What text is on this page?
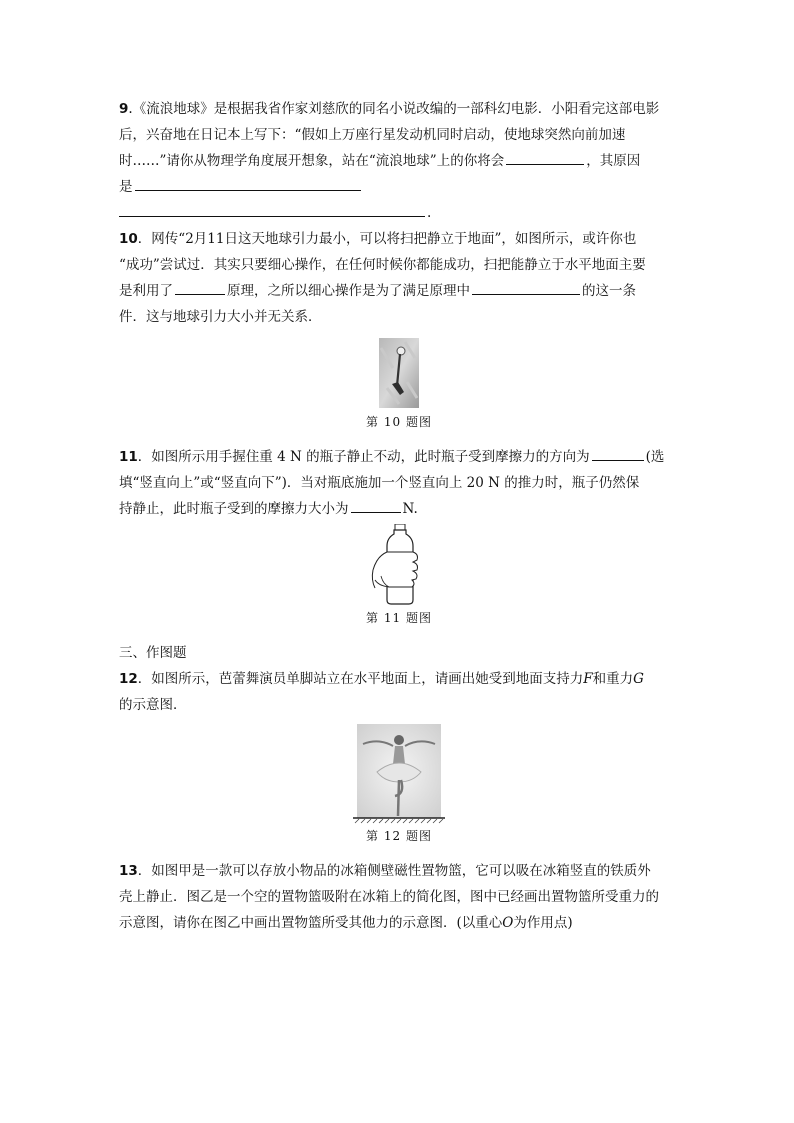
9.《流浪地球》是根据我省作家刘慈欣的同名小说改编的一部科幻电影．小阳看完这部电影

后，兴奋地在日记本上写下：“假如上万座行星发动机同时启动，使地球突然向前加速

时……”请你从物理学角度展开想象，站在“流浪地球”上的你将会	，其原因

是

.

10．网传“2月11日这天地球引力最小，可以将扫把静立于地面”，如图所示，或许你也

“成功”尝试过．其实只要细心操作，在任何时候你都能成功，扫把能静立于水平地面主要

是利用了	原理，之所以细心操作是为了满足原理中	的这一条

件．这与地球引力大小并无关系．

第 10 题图

11．如图所示用手握住重 4 N 的瓶子静止不动，此时瓶子受到摩擦力的方向为	(选

填“竖直向上”或“竖直向下”)．当对瓶底施加一个竖直向上 20 N 的推力时，瓶子仍然保

持静止，此时瓶子受到的摩擦力大小为	N.

第 11 题图

三、作图题

12．如图所示，芭蕾舞演员单脚站立在水平地面上，请画出她受到地面支持力F和重力G

的示意图．

第 12 题图

13．如图甲是一款可以存放小物品的冰箱侧壁磁性置物篮，它可以吸在冰箱竖直的铁质外

壳上静止．图乙是一个空的置物篮吸附在冰箱上的简化图，图中已经画出置物篮所受重力的

示意图，请你在图乙中画出置物篮所受其他力的示意图．(以重心O为作用点)
